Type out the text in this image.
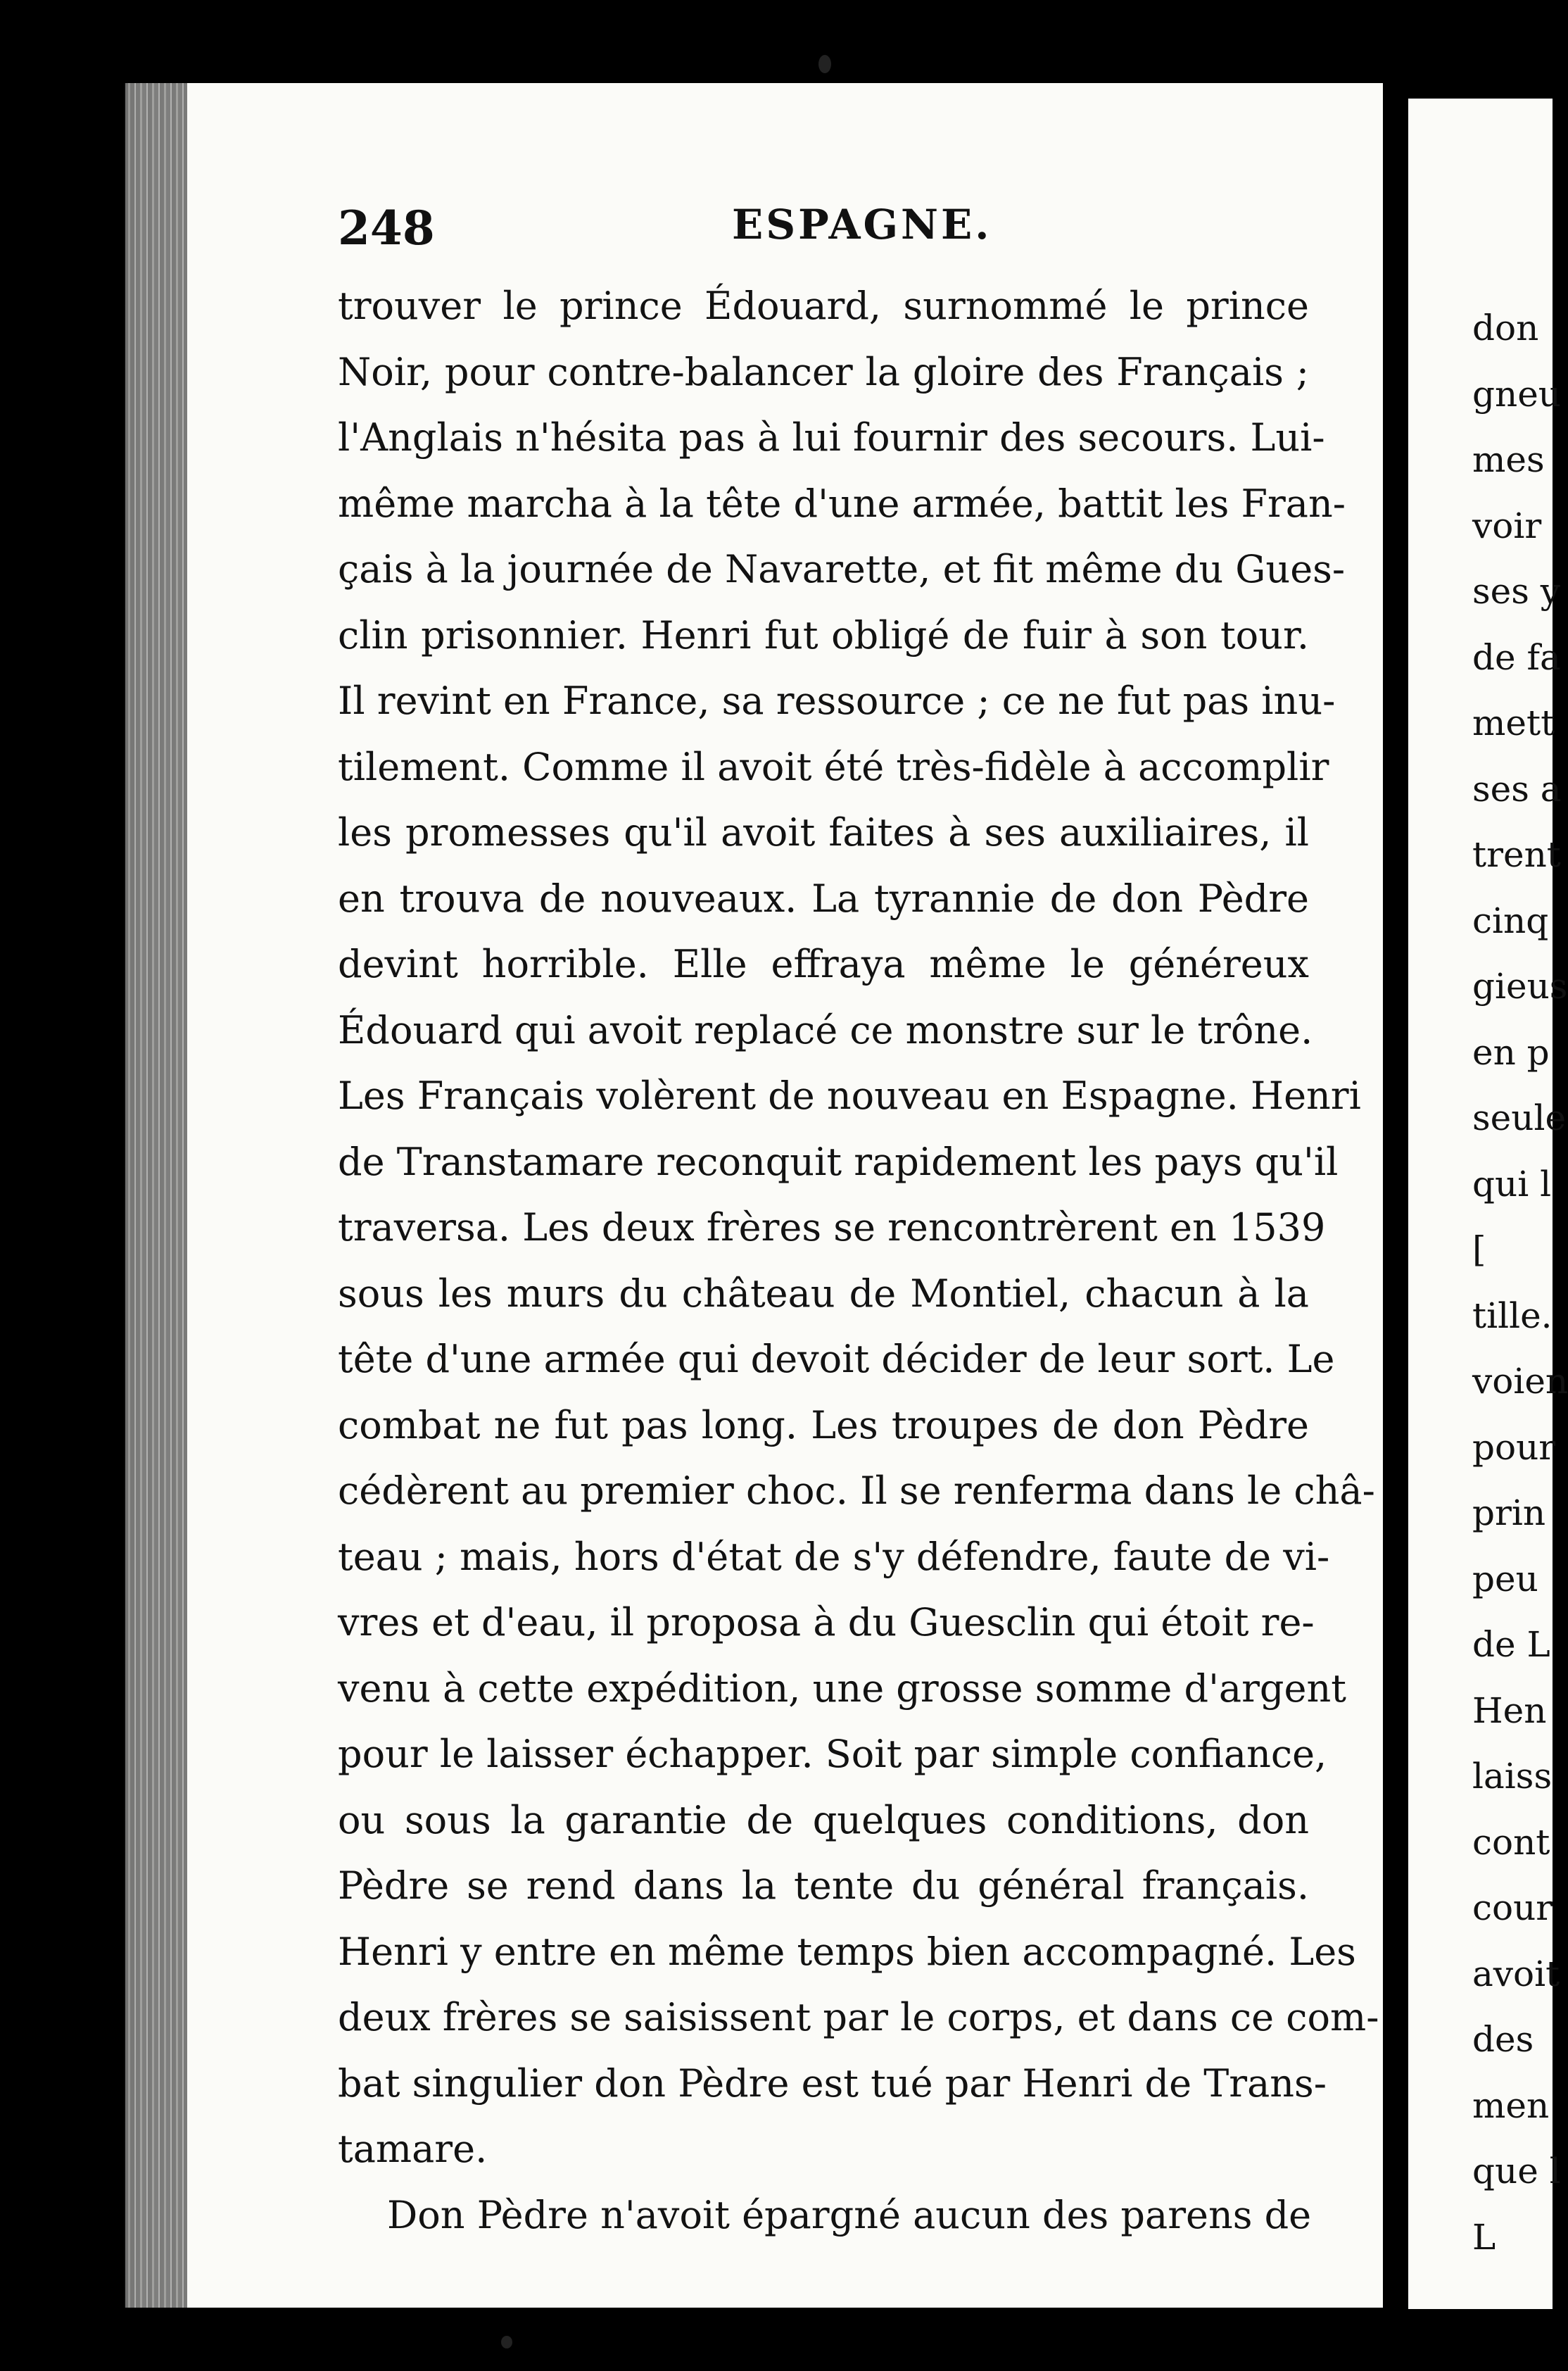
248	ESPAGNE.
trouver le prince Édouard, surnommé le prince
Noir, pour contre-balancer la gloire des Français ;
l'Anglais n'hésita pas à lui fournir des secours. Lui-
même marcha à la tête d'une armée, battit les Fran-
çais à la journée de Navarette, et fit même du Gues-
clin prisonnier. Henri fut obligé de fuir à son tour.
Il revint en France, sa ressource ; ce ne fut pas inu-
tilement. Comme il avoit été très-fidèle à accomplir
les promesses qu'il avoit faites à ses auxiliaires, il
en trouva de nouveaux. La tyrannie de don Pèdre
devint horrible. Elle effraya même le généreux
Édouard qui avoit replacé ce monstre sur le trône.
Les Français volèrent de nouveau en Espagne. Henri
de Transtamare reconquit rapidement les pays qu'il
traversa. Les deux frères se rencontrèrent en 1539
sous les murs du château de Montiel, chacun à la
tête d'une armée qui devoit décider de leur sort. Le
combat ne fut pas long. Les troupes de don Pèdre
cédèrent au premier choc. Il se renferma dans le châ-
teau ; mais, hors d'état de s'y défendre, faute de vi-
vres et d'eau, il proposa à du Guesclin qui étoit re-
venu à cette expédition, une grosse somme d'argent
pour le laisser échapper. Soit par simple confiance,
ou sous la garantie de quelques conditions, don
Pèdre se rend dans la tente du général français.
Henri y entre en même temps bien accompagné. Les
deux frères se saisissent par le corps, et dans ce com-
bat singulier don Pèdre est tué par Henri de Trans-
tamare.
Don Pèdre n'avoit épargné aucun des parens de
don
gneu
mes
voir
ses y
de fa
mett
ses a
trent
cinq
gieus
en p
seule
qui l
[
tille.
voien
pour
prin
peu
de L
Hen
laiss
cont
cour
avoit
des
men
que l
L
